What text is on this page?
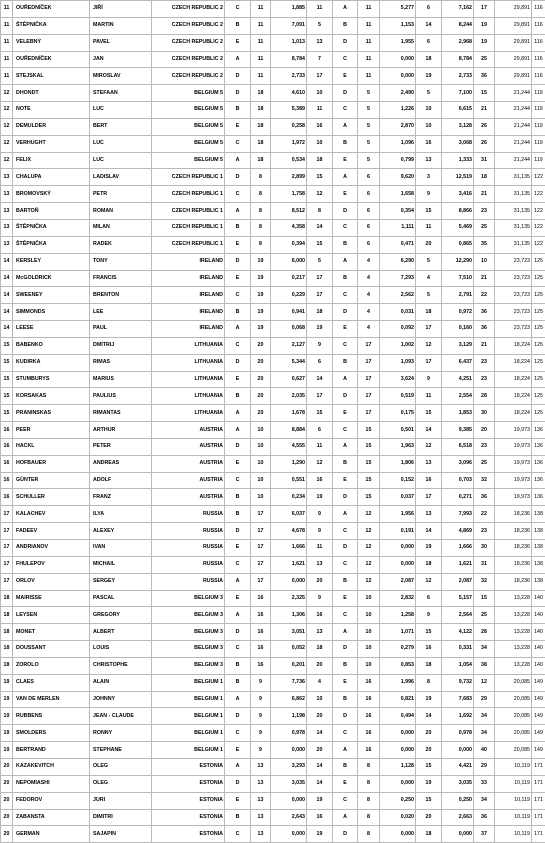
11	OUŘEDNÍČEK	JIŘÍ	CZECH REPUBLIC 2	C	11	1,885	11	A	11	5,277	6	7,162	17	29,891	116
11	ŠTĚPNIČKA	MARTIN	CZECH REPUBLIC 2	B	11	7,091	5	B	11	1,153	14	8,244	19	29,891	116
11	VELEBNÝ	PAVEL	CZECH REPUBLIC 2	E	11	1,013	13	D	11	1,955	6	2,968	19	29,891	116
11	OUŘEDNÍČEK	JAN	CZECH REPUBLIC 2	A	11	8,784	7	C	11	0,000	18	8,784	25	29,891	116
11	STEJSKAL	MIROSLAV	CZECH REPUBLIC 2	D	11	2,733	17	E	11	0,000	19	2,733	36	29,891	116
12	DHONDT	STEFAAN	BELGIUM 5	D	18	4,610	10	D	5	2,490	5	7,100	15	21,244	119
12	NOTE	LUC	BELGIUM 5	B	18	5,389	11	C	5	1,226	10	6,615	21	21,244	119
12	DEMULDER	BERT	BELGIUM 5	E	18	0,258	16	A	5	2,870	10	3,128	26	21,244	119
12	VERHUGHT	LUC	BELGIUM 5	C	18	1,972	10	B	5	1,096	16	3,068	26	21,244	119
12	FELIX	LUC	BELGIUM 5	A	18	0,534	18	E	5	0,799	13	1,333	31	21,244	119
13	CHALUPA	LADISLAV	CZECH REPUBLIC 1	D	8	2,899	15	A	6	9,620	3	12,519	18	31,135	122
13	BROMOVSKÝ	PETR	CZECH REPUBLIC 1	C	8	1,758	12	E	6	1,658	9	3,416	21	31,135	122
13	BARTOŇ	ROMAN	CZECH REPUBLIC 1	A	8	8,512	8	D	6	0,354	15	8,866	23	31,135	122
13	ŠTĚPNIČKA	MILAN	CZECH REPUBLIC 1	B	8	4,358	14	C	6	1,111	11	5,469	25	31,135	122
13	ŠTĚPNIČKA	RADEK	CZECH REPUBLIC 1	E	8	0,394	15	B	6	0,471	20	0,865	35	31,135	122
14	KERSLEY	TONY	IRELAND	D	19	6,000	5	A	4	6,290	5	12,290	10	23,723	125
14	McGOLDRICK	FRANCIS	IRELAND	E	19	0,217	17	B	4	7,293	4	7,510	21	23,723	125
14	SWEENEY	BRENTON	IRELAND	C	19	0,229	17	C	4	2,562	5	2,791	22	23,723	125
14	SIMMONDS	LEE	IRELAND	B	19	0,941	18	D	4	0,031	18	0,972	36	23,723	125
14	LEESE	PAUL	IRELAND	A	19	0,068	19	E	4	0,092	17	0,160	36	23,723	125
15	BABENKO	DMITRIJ	LITHUANIA	C	20	2,127	9	C	17	1,002	12	3,129	21	18,224	125
15	KUDIRKA	RIMAS	LITHUANIA	D	20	5,344	6	B	17	1,093	17	6,437	23	18,224	125
15	STUMBURYS	MARIUS	LITHUANIA	E	20	0,627	14	A	17	3,624	9	4,251	23	18,224	125
15	KORSAKAS	PAULIUS	LITHUANIA	B	20	2,035	17	D	17	0,519	11	2,554	28	18,224	125
15	PRANINSKAS	RIMANTAS	LITHUANIA	A	20	1,678	15	E	17	0,175	15	1,853	30	18,224	125
16	PEER	ARTHUR	AUSTRIA	A	10	8,884	6	C	15	0,501	14	9,385	20	19,973	136
16	HACKL	PETER	AUSTRIA	D	10	4,555	11	A	15	1,963	12	6,518	23	19,973	136
16	HOFBAUER	ANDREAS	AUSTRIA	E	10	1,290	12	B	15	1,806	13	3,096	25	19,973	136
16	GÜNTER	ADOLF	AUSTRIA	C	10	0,551	16	E	15	0,152	16	0,703	32	19,973	136
16	SCHULLER	FRANZ	AUSTRIA	B	10	0,234	19	D	15	0,037	17	0,271	36	19,973	136
17	KALACHEV	ILYA	RUSSIA	B	17	6,037	9	A	12	1,956	13	7,993	22	18,236	138
17	FADEEV	ALEXEY	RUSSIA	D	17	4,678	9	C	12	0,191	14	4,869	23	18,236	138
17	ANDRIANOV	IVAN	RUSSIA	E	17	1,666	11	D	12	0,000	19	1,666	30	18,236	138
17	FHULEPOV	MICHAIL	RUSSIA	C	17	1,621	13	C	12	0,000	18	1,621	31	18,236	138
17	ORLOV	SERGEY	RUSSIA	A	17	0,000	20	B	12	2,087	12	2,087	32	18,236	138
18	MAIRISSE	PASCAL	BELGIUM 3	E	16	2,325	9	E	10	2,832	6	5,157	15	13,228	140
18	LEYSEN	GREGORY	BELGIUM 3	A	16	1,306	16	C	10	1,258	9	2,564	25	13,228	140
18	MONET	ALBERT	BELGIUM 3	D	16	3,051	13	A	10	1,071	15	4,122	28	13,228	140
18	DOUSSANT	LOUIS	BELGIUM 3	C	16	0,052	18	D	10	0,279	16	0,331	34	13,228	140
18	ZOROLO	CHRISTOPHE	BELGIUM 3	B	16	0,201	20	B	10	0,853	18	1,054	38	13,228	140
19	CLAES	ALAIN	BELGIUM 1	B	9	7,736	4	E	16	1,996	8	9,732	12	20,085	149
19	VAN DE MERLEN	JOHNNY	BELGIUM 1	A	9	6,862	10	B	16	0,821	19	7,683	29	20,085	149
19	RUBBENS	JEAN - CLAUDE	BELGIUM 1	D	9	1,198	20	D	16	0,494	14	1,692	34	20,085	149
19	SMOLDERS	RONNY	BELGIUM 1	C	9	0,978	14	C	16	0,000	20	0,978	34	20,085	149
19	BERTRAND	STEPHANE	BELGIUM 1	E	9	0,000	20	A	16	0,000	20	0,000	40	20,085	149
20	KAZAKEVITCH	OLEG	ESTONIA	A	13	3,293	14	B	8	1,128	15	4,421	29	10,119	171
20	NEPOMIASHI	OLEG	ESTONIA	D	13	3,035	14	E	8	0,000	19	3,035	33	10,119	171
20	FEDOROV	JURI	ESTONIA	E	13	0,000	19	C	8	0,250	15	0,250	34	10,119	171
20	ZABANSTA	DIMITRI	ESTONIA	B	13	2,643	16	A	8	0,020	20	2,663	36	10,119	171
20	GERMAN	SAJAPIN	ESTONIA	C	13	0,000	19	D	8	0,000	18	0,000	37	10,119	171
